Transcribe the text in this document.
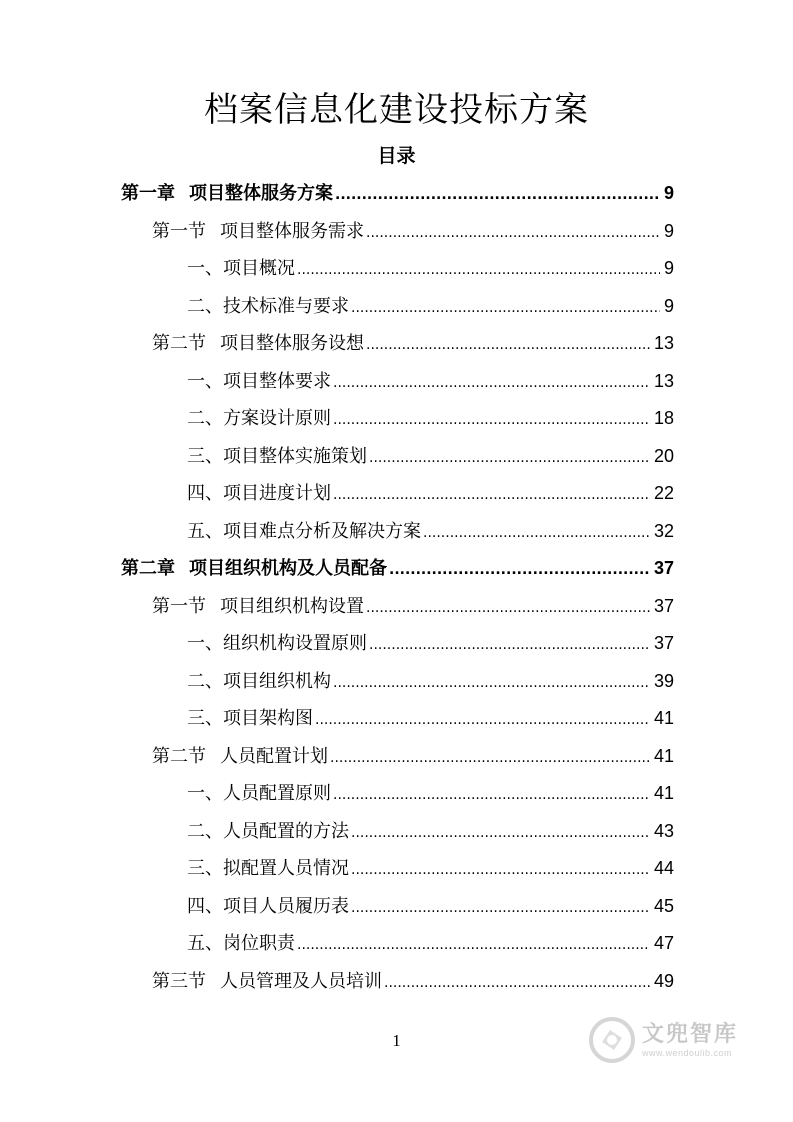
档案信息化建设投标方案
目录
第一章 项目整体服务方案 .....	9
第一节 项目整体服务需求 .....	9
一、项目概况 .....	9
二、技术标准与要求 .....	9
第二节 项目整体服务设想 .....	13
一、项目整体要求 .....	13
二、方案设计原则 .....	18
三、项目整体实施策划 .....	20
四、项目进度计划 .....	22
五、项目难点分析及解决方案 .....	32
第二章 项目组织机构及人员配备 .....	37
第一节 项目组织机构设置 .....	37
一、组织机构设置原则 .....	37
二、项目组织机构 .....	39
三、项目架构图 .....	41
第二节 人员配置计划 .....	41
一、人员配置原则 .....	41
二、人员配置的方法 .....	43
三、拟配置人员情况 .....	44
四、项目人员履历表 .....	45
五、岗位职责 .....	47
第三节 人员管理及人员培训 .....	49
1	文兜智库
www.wendoulib.com
